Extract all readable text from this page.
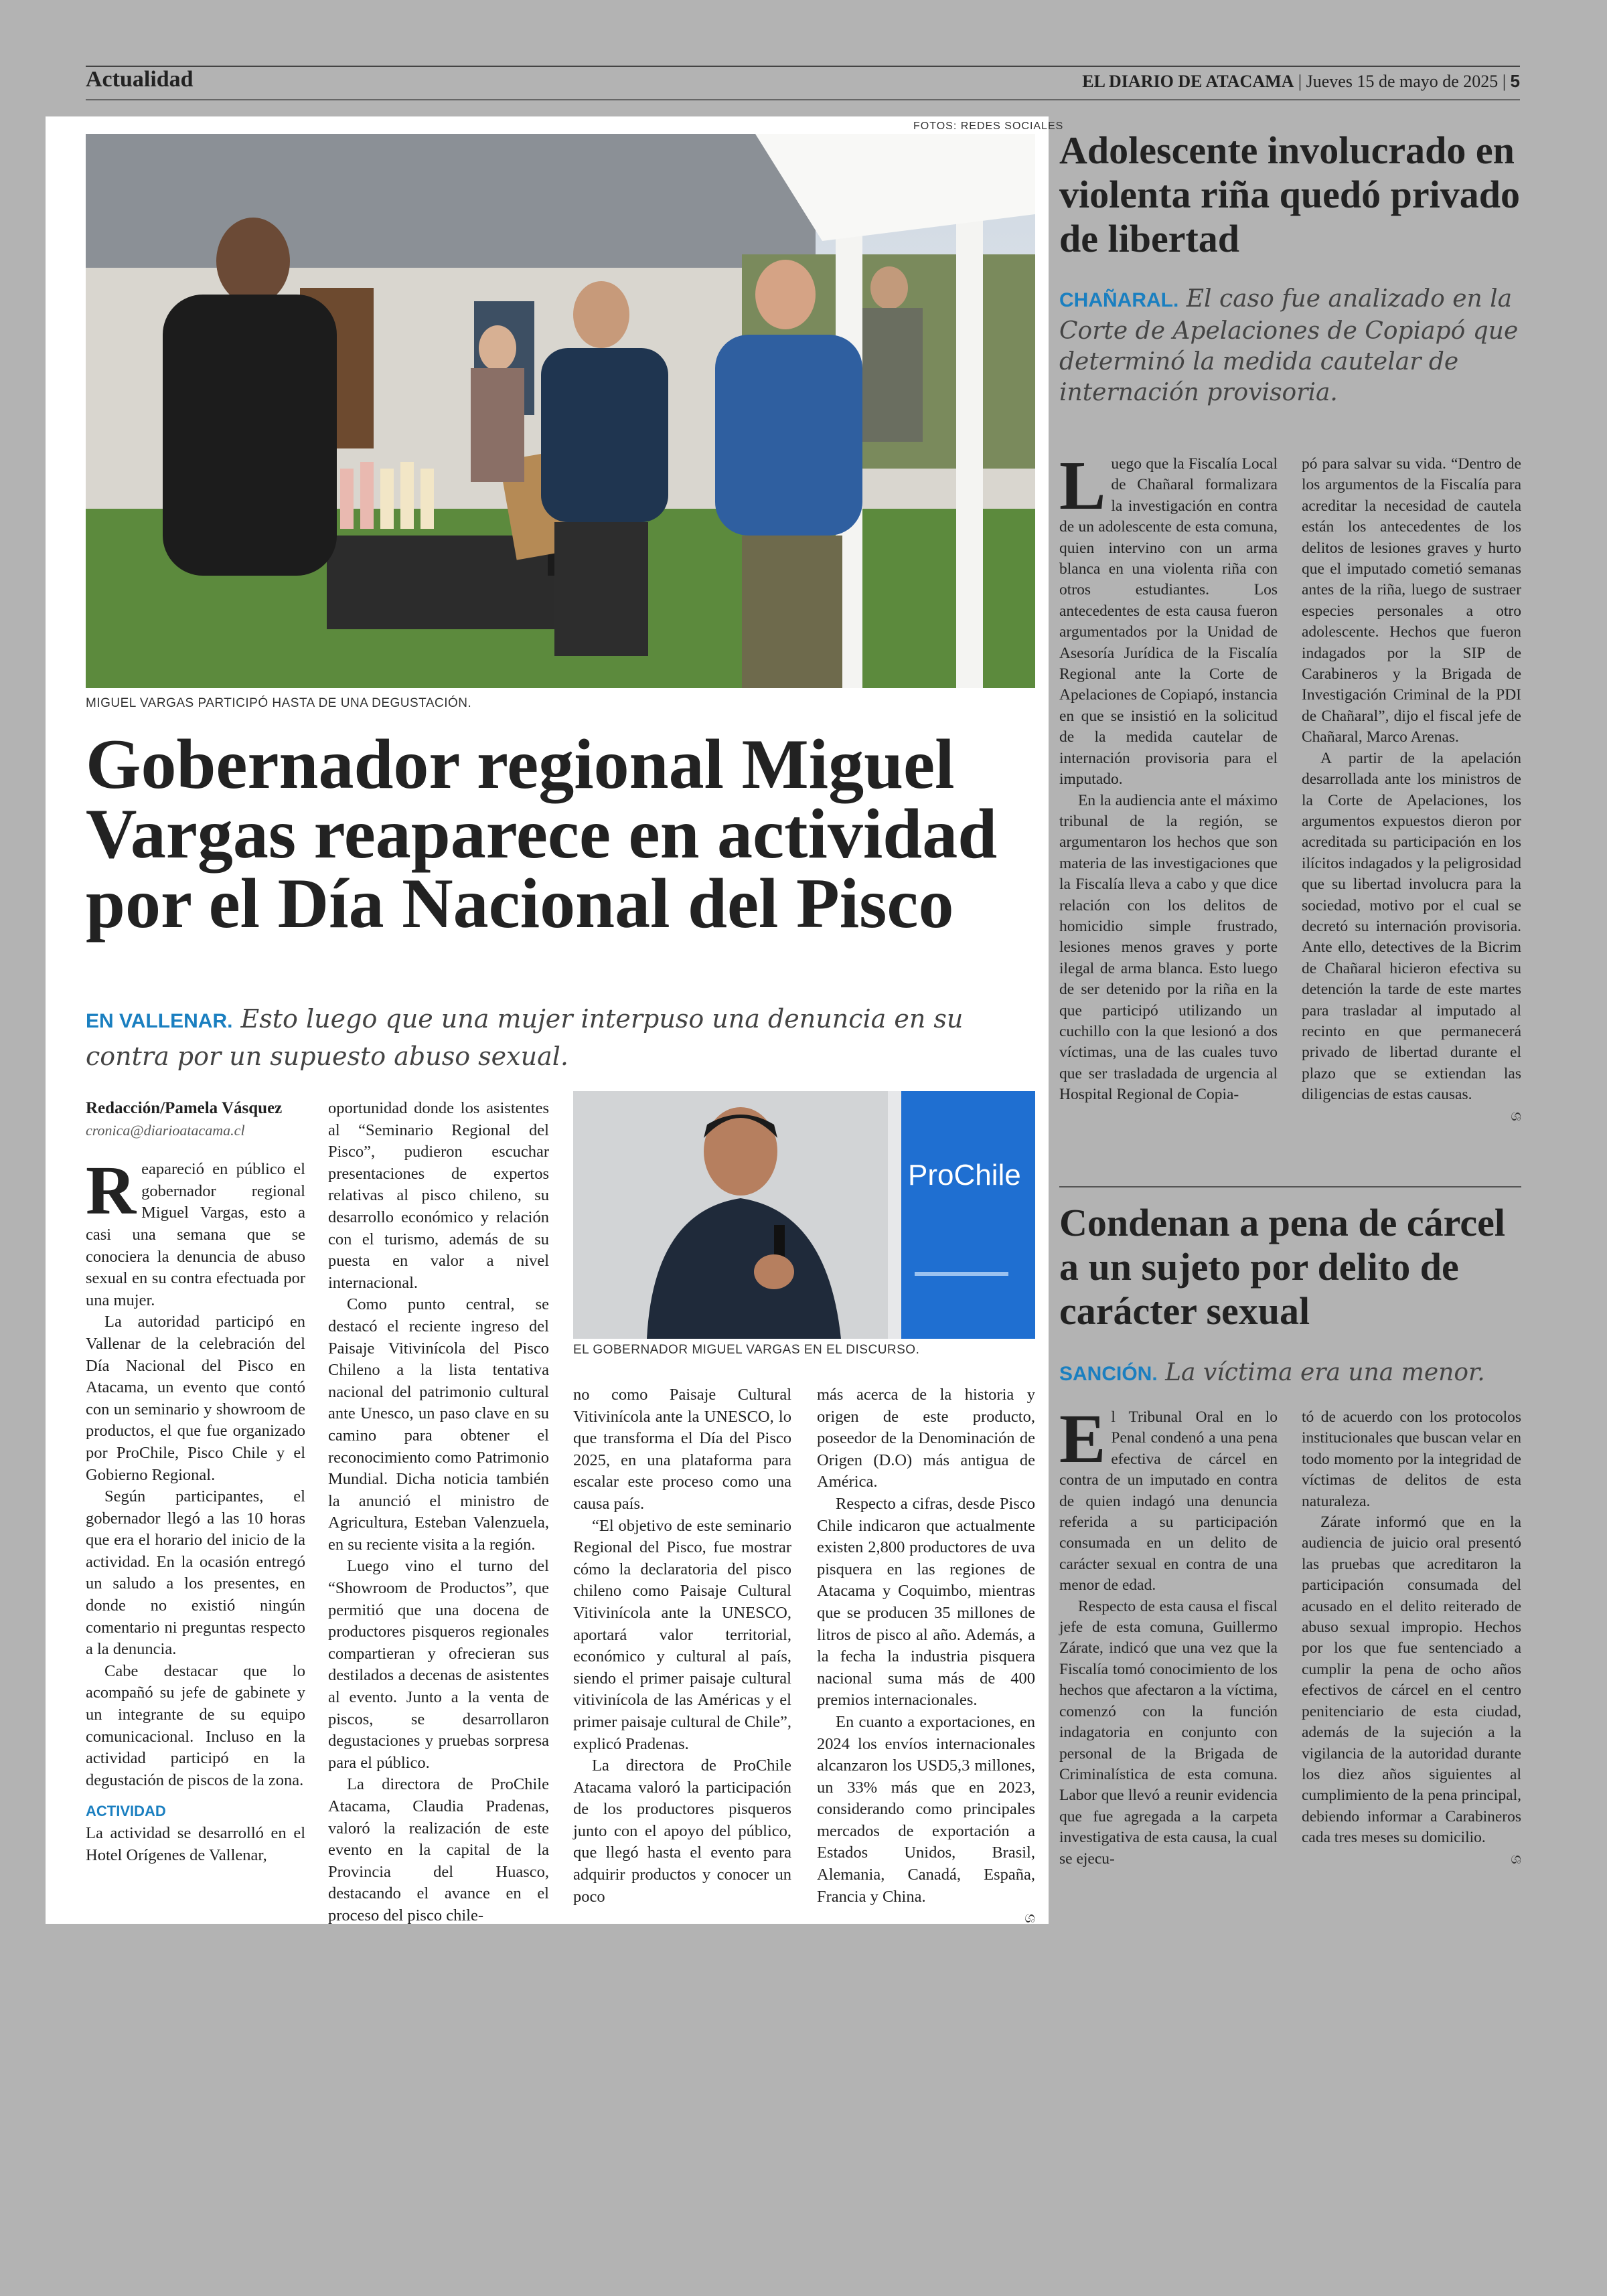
Actualidad	EL DIARIO DE ATACAMA | Jueves 15 de mayo de 2025 | 5
FOTOS: REDES SOCIALES
MIGUEL VARGAS PARTICIPÓ HASTA DE UNA DEGUSTACIÓN.
Gobernador regional Miguel Vargas reaparece en actividad por el Día Nacional del Pisco
EN VALLENAR. Esto luego que una mujer interpuso una denuncia en su contra por un supuesto abuso sexual.
Redacción/Pamela Vásquez
cronica@diarioatacama.cl

Reapareció en público el gobernador regional Miguel Vargas, esto a casi una semana que se conociera la denuncia de abuso sexual en su contra efectuada por una mujer.

La autoridad participó en Vallenar de la celebración del Día Nacional del Pisco en Atacama, un evento que contó con un seminario y showroom de productos, el que fue organizado por ProChile, Pisco Chile y el Gobierno Regional.

Según participantes, el gobernador llegó a las 10 horas que era el horario del inicio de la actividad. En la ocasión entregó un saludo a los presentes, en donde no existió ningún comentario ni preguntas respecto a la denuncia.

Cabe destacar que lo acompañó su jefe de gabinete y un integrante de su equipo comunicacional. Incluso en la actividad participó en la degustación de piscos de la zona.

ACTIVIDAD

La actividad se desarrolló en el Hotel Orígenes de Vallenar,

oportunidad donde los asistentes al “Seminario Regional del Pisco”, pudieron escuchar presentaciones de expertos relativas al pisco chileno, su desarrollo económico y relación con el turismo, además de su puesta en valor a nivel internacional.

Como punto central, se destacó el reciente ingreso del Paisaje Vitivinícola del Pisco Chileno a la lista tentativa nacional del patrimonio cultural ante Unesco, un paso clave en su camino para obtener el reconocimiento como Patrimonio Mundial. Dicha noticia también la anunció el ministro de Agricultura, Esteban Valenzuela, en su reciente visita a la región.

Luego vino el turno del “Showroom de Productos”, que permitió que una docena de productores pisqueros regionales compartieran y ofrecieran sus destilados a decenas de asistentes al evento. Junto a la venta de piscos, se desarrollaron degustaciones y pruebas sorpresa para el público.

La directora de ProChile Atacama, Claudia Pradenas, valoró la realización de este evento en la capital de la Provincia del Huasco, destacando el avance en el proceso del pisco chile-

ProChile
EL GOBERNADOR MIGUEL VARGAS EN EL DISCURSO.

no como Paisaje Cultural Vitivinícola ante la UNESCO, lo que transforma el Día del Pisco 2025, en una plataforma para escalar este proceso como una causa país.

“El objetivo de este seminario Regional del Pisco, fue mostrar cómo la declaratoria del pisco chileno como Paisaje Cultural Vitivinícola ante la UNESCO, aportará valor territorial, económico y cultural al país, siendo el primer paisaje cultural vitivinícola de las Américas y el primer paisaje cultural de Chile”, explicó Pradenas.

La directora de ProChile Atacama valoró la participación de los productores pisqueros junto con el apoyo del público, que llegó hasta el evento para adquirir productos y conocer un poco

más acerca de la historia y origen de este producto, poseedor de la Denominación de Origen (D.O) más antigua de América.

Respecto a cifras, desde Pisco Chile indicaron que actualmente existen 2,800 productores de uva pisquera en las regiones de Atacama y Coquimbo, mientras que se producen 35 millones de litros de pisco al año. Además, a la fecha la industria pisquera nacional suma más de 400 premios internacionales.

En cuanto a exportaciones, en 2024 los envíos internacionales alcanzaron los USD5,3 millones, un 33% más que en 2023, considerando como principales mercados de exportación a Estados Unidos, Brasil, Alemania, Canadá, España, Francia y China.

ශ
Adolescente involucrado en violenta riña quedó privado de libertad
CHAÑARAL. El caso fue analizado en la Corte de Apelaciones de Copiapó que determinó la medida cautelar de internación provisoria.

Luego que la Fiscalía Local de Chañaral formalizara la investigación en contra de un adolescente de esta comuna, quien intervino con un arma blanca en una violenta riña con otros estudiantes. Los antecedentes de esta causa fueron argumentados por la Unidad de Asesoría Jurídica de la Fiscalía Regional ante la Corte de Apelaciones de Copiapó, instancia en que se insistió en la solicitud de la medida cautelar de internación provisoria para el imputado.

En la audiencia ante el máximo tribunal de la región, se argumentaron los hechos que son materia de las investigaciones que la Fiscalía lleva a cabo y que dice relación con los delitos de homicidio simple frustrado, lesiones menos graves y porte ilegal de arma blanca. Esto luego de ser detenido por la riña en la que participó utilizando un cuchillo con la que lesionó a dos víctimas, una de las cuales tuvo que ser trasladada de urgencia al Hospital Regional de Copia-

pó para salvar su vida. “Dentro de los argumentos de la Fiscalía para acreditar la necesidad de cautela están los antecedentes de los delitos de lesiones graves y hurto que el imputado cometió semanas antes de la riña, luego de sustraer especies personales a otro adolescente. Hechos que fueron indagados por la SIP de Carabineros y la Brigada de Investigación Criminal de la PDI de Chañaral”, dijo el fiscal jefe de Chañaral, Marco Arenas.

A partir de la apelación desarrollada ante los ministros de la Corte de Apelaciones, los argumentos expuestos dieron por acreditada su participación en los ilícitos indagados y la peligrosidad que su libertad involucra para la sociedad, motivo por el cual se decretó su internación provisoria. Ante ello, detectives de la Bicrim de Chañaral hicieron efectiva su detención la tarde de este martes para trasladar al imputado al recinto en que permanecerá privado de libertad durante el plazo que se extiendan las diligencias de estas causas.

ශ
Condenan a pena de cárcel a un sujeto por delito de carácter sexual
SANCIÓN. La víctima era una menor.

El Tribunal Oral en lo Penal condenó a una pena efectiva de cárcel en contra de un imputado en contra de quien indagó una denuncia referida a su participación consumada en un delito de carácter sexual en contra de una menor de edad.

Respecto de esta causa el fiscal jefe de esta comuna, Guillermo Zárate, indicó que una vez que la Fiscalía tomó conocimiento de los hechos que afectaron a la víctima, comenzó con la función indagatoria en conjunto con personal de la Brigada de Criminalística de esta comuna. Labor que llevó a reunir evidencia que fue agregada a la carpeta investigativa de esta causa, la cual se ejecu-

tó de acuerdo con los protocolos institucionales que buscan velar en todo momento por la integridad de víctimas de delitos de esta naturaleza.

Zárate informó que en la audiencia de juicio oral presentó las pruebas que acreditaron la participación consumada del acusado en el delito reiterado de abuso sexual impropio. Hechos por los que fue sentenciado a cumplir la pena de ocho años efectivos de cárcel en el centro penitenciario de esta ciudad, además de la sujeción a la vigilancia de la autoridad durante los diez años siguientes al cumplimiento de la pena principal, debiendo informar a Carabineros cada tres meses su domicilio.

ශ
